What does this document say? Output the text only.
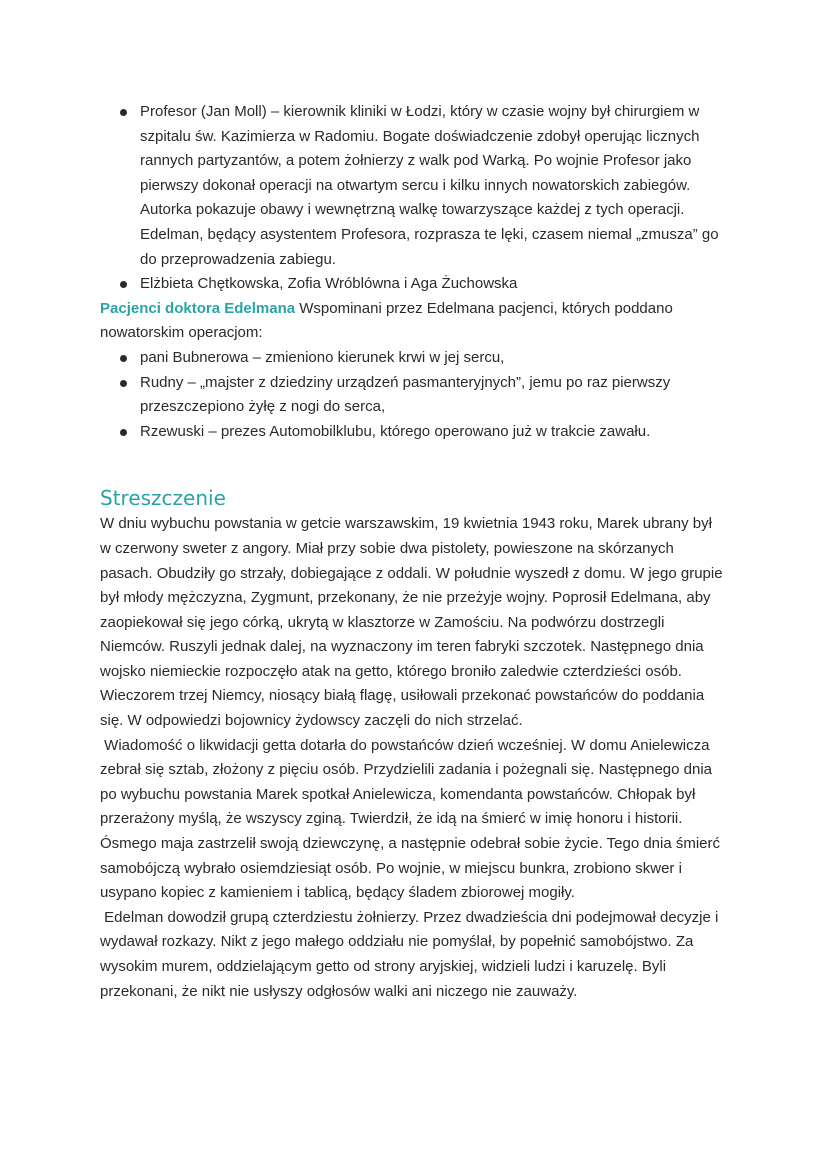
Profesor (Jan Moll) – kierownik kliniki w Łodzi, który w czasie wojny był chirurgiem w szpitalu św. Kazimierza w Radomiu. Bogate doświadczenie zdobył operując licznych rannych partyzantów, a potem żołnierzy z walk pod Warką. Po wojnie Profesor jako pierwszy dokonał operacji na otwartym sercu i kilku innych nowatorskich zabiegów. Autorka pokazuje obawy i wewnętrzną walkę towarzyszące każdej z tych operacji. Edelman, będący asystentem Profesora, rozprasza te lęki, czasem niemal „zmusza” go do przeprowadzenia zabiegu.
Elżbieta Chętkowska, Zofia Wróblówna i Aga Żuchowska

Pacjenci doktora Edelmana Wspominani przez Edelmana pacjenci, których poddano nowatorskim operacjom:

pani Bubnerowa – zmieniono kierunek krwi w jej sercu,
Rudny – „majster z dziedziny urządzeń pasmanteryjnych”, jemu po raz pierwszy przeszczepiono żyłę z nogi do serca,
Rzewuski – prezes Automobilklubu, którego operowano już w trakcie zawału.
Streszczenie

W dniu wybuchu powstania w getcie warszawskim, 19 kwietnia 1943 roku, Marek ubrany był w czerwony sweter z angory. Miał przy sobie dwa pistolety, powieszone na skórzanych pasach. Obudziły go strzały, dobiegające z oddali. W południe wyszedł z domu. W jego grupie był młody mężczyzna, Zygmunt, przekonany, że nie przeżyje wojny. Poprosił Edelmana, aby zaopiekował się jego córką, ukrytą w klasztorze w Zamościu. Na podwórzu dostrzegli Niemców. Ruszyli jednak dalej, na wyznaczony im teren fabryki szczotek. Następnego dnia wojsko niemieckie rozpoczęło atak na getto, którego broniło zaledwie czterdzieści osób. Wieczorem trzej Niemcy, niosący białą flagę, usiłowali przekonać powstańców do poddania się. W odpowiedzi bojownicy żydowscy zaczęli do nich strzelać.

Wiadomość o likwidacji getta dotarła do powstańców dzień wcześniej. W domu Anielewicza zebrał się sztab, złożony z pięciu osób. Przydzielili zadania i pożegnali się. Następnego dnia po wybuchu powstania Marek spotkał Anielewicza, komendanta powstańców. Chłopak był przerażony myślą, że wszyscy zginą. Twierdził, że idą na śmierć w imię honoru i historii. Ósmego maja zastrzelił swoją dziewczynę, a następnie odebrał sobie życie. Tego dnia śmierć samobójczą wybrało osiemdziesiąt osób. Po wojnie, w miejscu bunkra, zrobiono skwer i usypano kopiec z kamieniem i tablicą, będący śladem zbiorowej mogiły.

Edelman dowodził grupą czterdziestu żołnierzy. Przez dwadzieścia dni podejmował decyzje i wydawał rozkazy. Nikt z jego małego oddziału nie pomyślał, by popełnić samobójstwo. Za wysokim murem, oddzielającym getto od strony aryjskiej, widzieli ludzi i karuzelę. Byli przekonani, że nikt nie usłyszy odgłosów walki ani niczego nie zauważy.
